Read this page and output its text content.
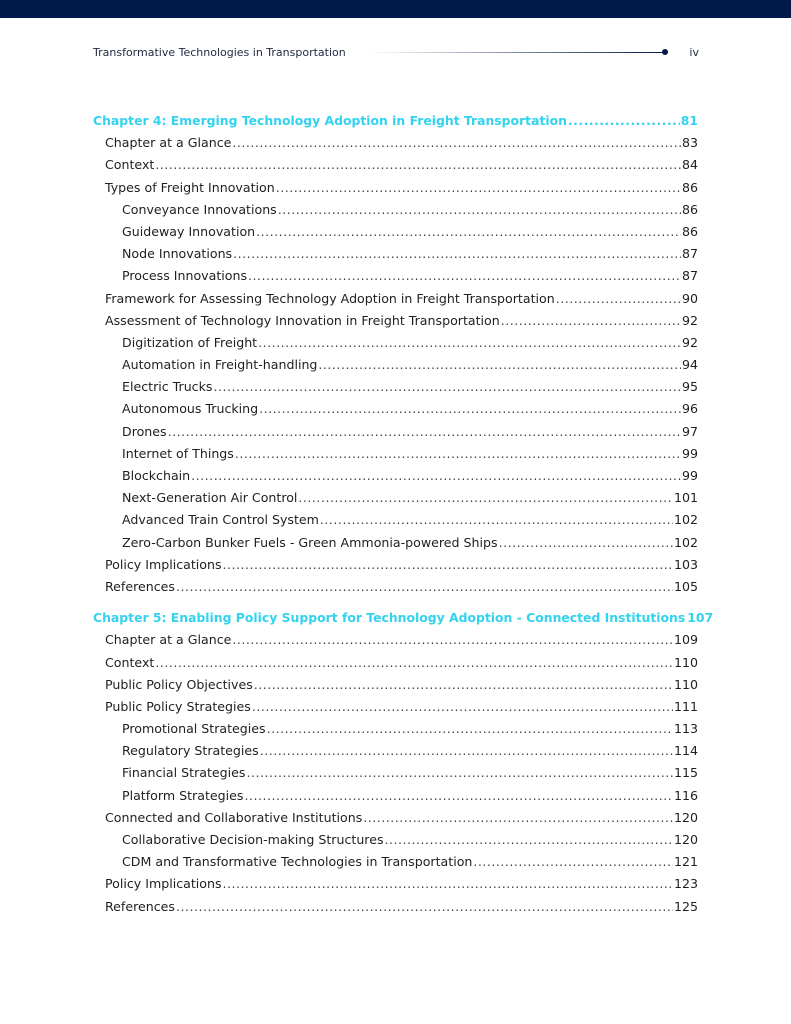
Transformative Technologies in Transportation	iv
Chapter 4: Emerging Technology Adoption in Freight Transportation .....	81
Chapter at a Glance .....	83
Context .....	84
Types of Freight Innovation .....	86
Conveyance Innovations .....	86
Guideway Innovation .....	86
Node Innovations .....	87
Process Innovations .....	87
Framework for Assessing Technology Adoption in Freight Transportation .....	90
Assessment of Technology Innovation in Freight Transportation .....	92
Digitization of Freight .....	92
Automation in Freight-handling .....	94
Electric Trucks .....	95
Autonomous Trucking .....	96
Drones .....	97
Internet of Things .....	99
Blockchain .....	99
Next-Generation Air Control .....	101
Advanced Train Control System .....	102
Zero-Carbon Bunker Fuels - Green Ammonia-powered Ships .....	102
Policy Implications .....	103
References .....	105
Chapter 5: Enabling Policy Support for Technology Adoption - Connected Institutions 107
Chapter at a Glance .....	109
Context .....	110
Public Policy Objectives .....	110
Public Policy Strategies .....	111
Promotional Strategies .....	113
Regulatory Strategies .....	114
Financial Strategies .....	115
Platform Strategies .....	116
Connected and Collaborative Institutions .....	120
Collaborative Decision-making Structures .....	120
CDM and Transformative Technologies in Transportation .....	121
Policy Implications .....	123
References .....	125
